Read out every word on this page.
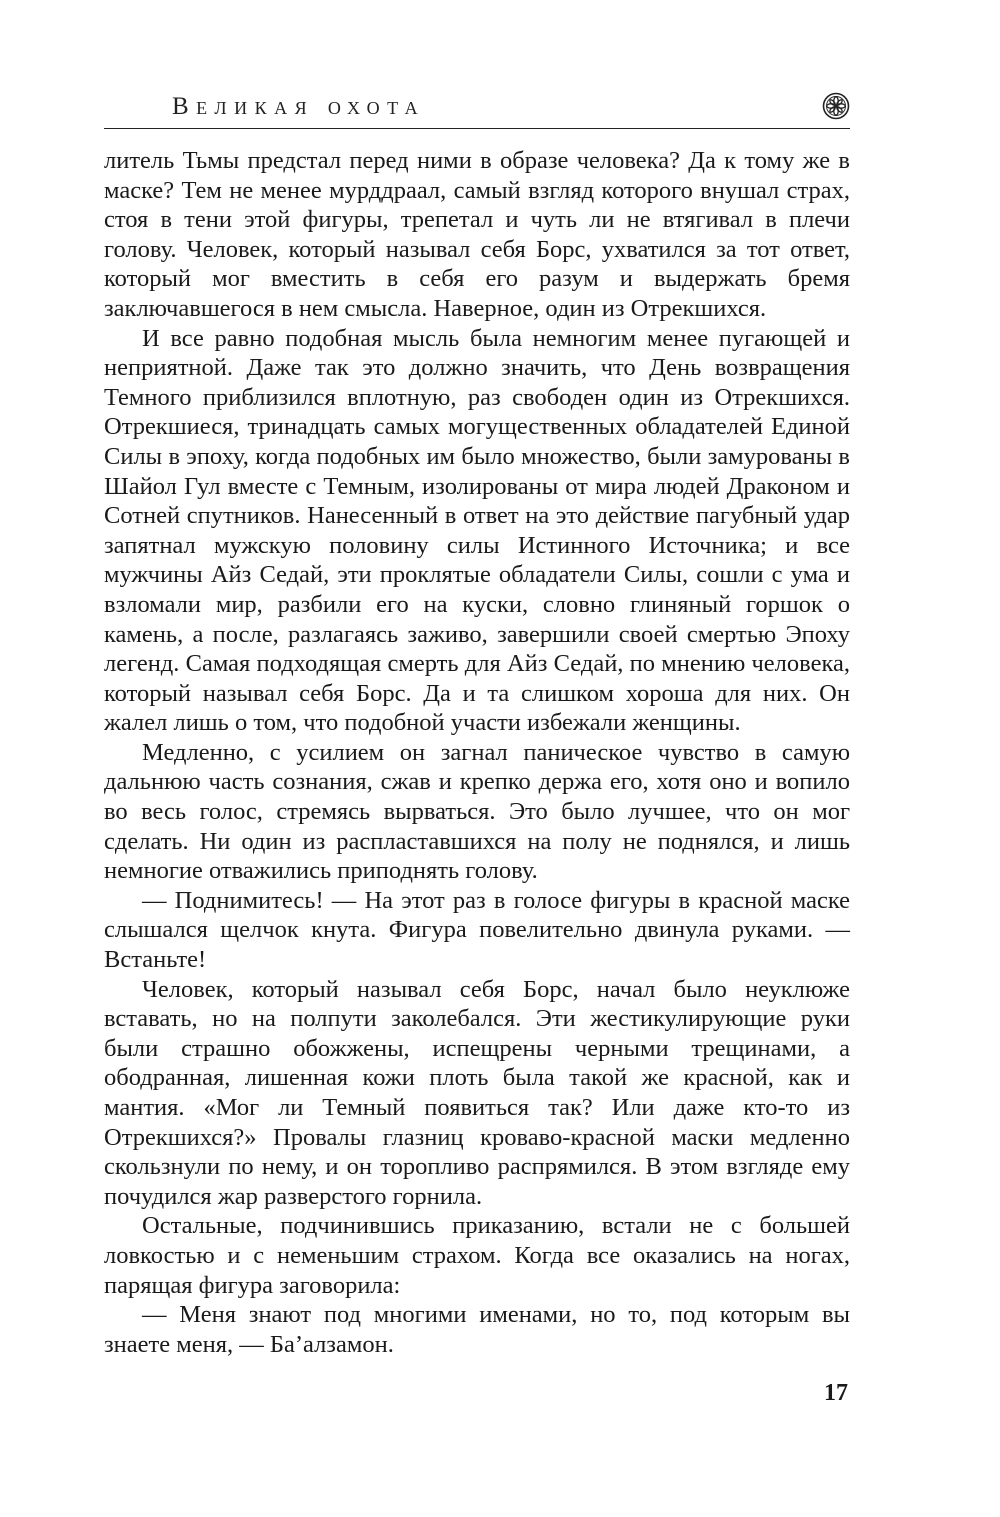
Великая охота

литель Тьмы предстал перед ними в образе человека? Да к тому же в маске? Тем не менее мурддраал, самый взгляд которого внушал страх, стоя в тени этой фигуры, трепетал и чуть ли не втягивал в плечи голову. Человек, который называл себя Борс, ухватился за тот ответ, который мог вместить в себя его разум и выдержать бремя заключавшегося в нем смысла. Наверное, один из Отрекшихся.

И все равно подобная мысль была немногим менее пугающей и неприятной. Даже так это должно значить, что День возвращения Темного приблизился вплотную, раз свободен один из Отрекшихся. Отрекшиеся, тринадцать самых могущественных обладателей Единой Силы в эпоху, когда подобных им было множество, были замурованы в Шайол Гул вместе с Темным, изолированы от мира людей Драконом и Сотней спутников. Нанесенный в ответ на это действие пагубный удар запятнал мужскую половину силы Истинного Источника; и все мужчины Айз Седай, эти проклятые обладатели Силы, сошли с ума и взломали мир, разбили его на куски, словно глиняный горшок о камень, а после, разлагаясь заживо, завершили своей смертью Эпоху легенд. Самая подходящая смерть для Айз Седай, по мнению человека, который называл себя Борс. Да и та слишком хороша для них. Он жалел лишь о том, что подобной участи избежали женщины.

Медленно, с усилием он загнал паническое чувство в самую дальнюю часть сознания, сжав и крепко держа его, хотя оно и вопило во весь голос, стремясь вырваться. Это было лучшее, что он мог сделать. Ни один из распластавшихся на полу не поднялся, и лишь немногие отважились приподнять голову.

— Поднимитесь! — На этот раз в голосе фигуры в красной маске слышался щелчок кнута. Фигура повелительно двинула руками. — Встаньте!

Человек, который называл себя Борс, начал было неуклюже вставать, но на полпути заколебался. Эти жестикулирующие руки были страшно обожжены, испещрены черными трещинами, а ободранная, лишенная кожи плоть была такой же красной, как и мантия. «Мог ли Темный появиться так? Или даже кто-то из Отрекшихся?» Провалы глазниц кроваво-красной маски медленно скользнули по нему, и он торопливо распрямился. В этом взгляде ему почудился жар разверстого горнила.

Остальные, подчинившись приказанию, встали не с большей ловкостью и с неменьшим страхом. Когда все оказались на ногах, парящая фигура заговорила:

— Меня знают под многими именами, но то, под которым вы знаете меня, — Ба’алзамон.

17
